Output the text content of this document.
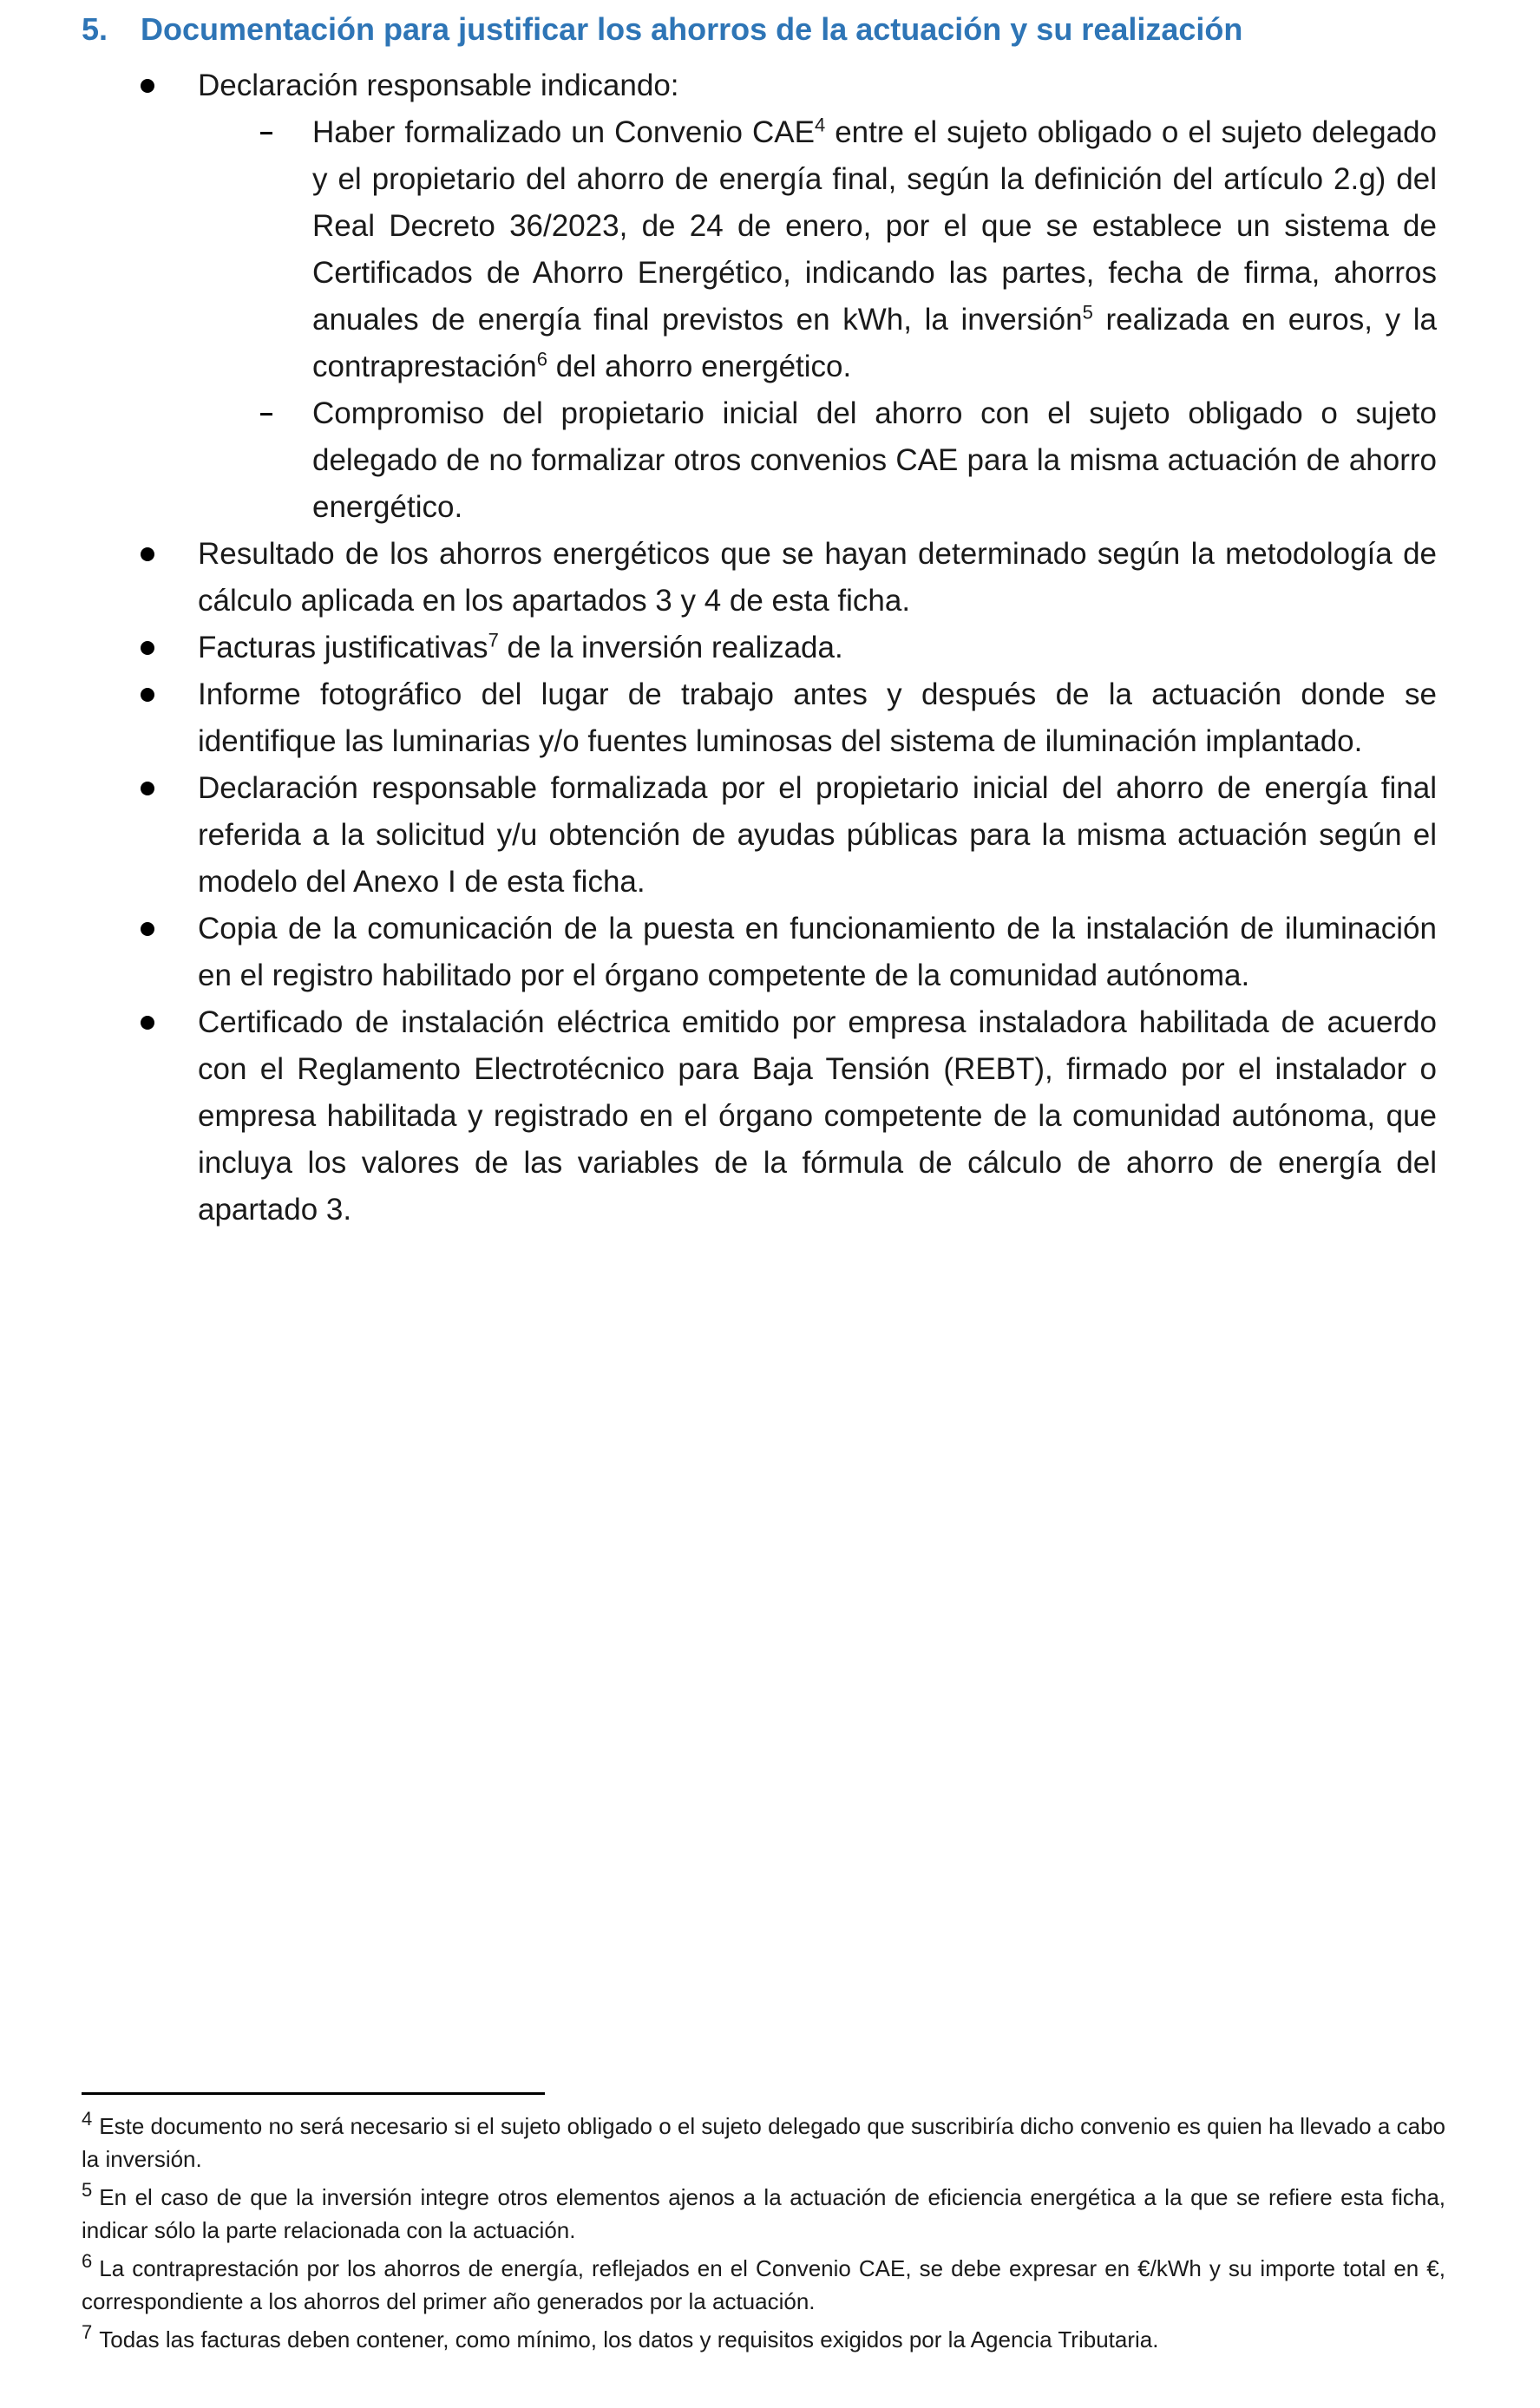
5. Documentación para justificar los ahorros de la actuación y su realización

Declaración responsable indicando:

Haber formalizado un Convenio CAE$^4$ entre el sujeto obligado o el sujeto delegado y el propietario del ahorro de energía final, según la definición del artículo 2.g) del Real Decreto 36/2023, de 24 de enero, por el que se establece un sistema de Certificados de Ahorro Energético, indicando las partes, fecha de firma, ahorros anuales de energía final previstos en kWh, la inversión$^5$ realizada en euros, y la contraprestación$^6$ del ahorro energético.

Compromiso del propietario inicial del ahorro con el sujeto obligado o sujeto delegado de no formalizar otros convenios CAE para la misma actuación de ahorro energético.

Resultado de los ahorros energéticos que se hayan determinado según la metodología de cálculo aplicada en los apartados 3 y 4 de esta ficha.

Facturas justificativas$^7$ de la inversión realizada.

Informe fotográfico del lugar de trabajo antes y después de la actuación donde se identifique las luminarias y/o fuentes luminosas del sistema de iluminación implantado.

Declaración responsable formalizada por el propietario inicial del ahorro de energía final referida a la solicitud y/u obtención de ayudas públicas para la misma actuación según el modelo del Anexo I de esta ficha.

Copia de la comunicación de la puesta en funcionamiento de la instalación de iluminación en el registro habilitado por el órgano competente de la comunidad autónoma.

Certificado de instalación eléctrica emitido por empresa instaladora habilitada de acuerdo con el Reglamento Electrotécnico para Baja Tensión (REBT), firmado por el instalador o empresa habilitada y registrado en el órgano competente de la comunidad autónoma, que incluya los valores de las variables de la fórmula de cálculo de ahorro de energía del apartado 3.

$^4$ Este documento no será necesario si el sujeto obligado o el sujeto delegado que suscribiría dicho convenio es quien ha llevado a cabo la inversión.

$^5$ En el caso de que la inversión integre otros elementos ajenos a la actuación de eficiencia energética a la que se refiere esta ficha, indicar sólo la parte relacionada con la actuación.

$^6$ La contraprestación por los ahorros de energía, reflejados en el Convenio CAE, se debe expresar en €/kWh y su importe total en €, correspondiente a los ahorros del primer año generados por la actuación.

$^7$ Todas las facturas deben contener, como mínimo, los datos y requisitos exigidos por la Agencia Tributaria.
